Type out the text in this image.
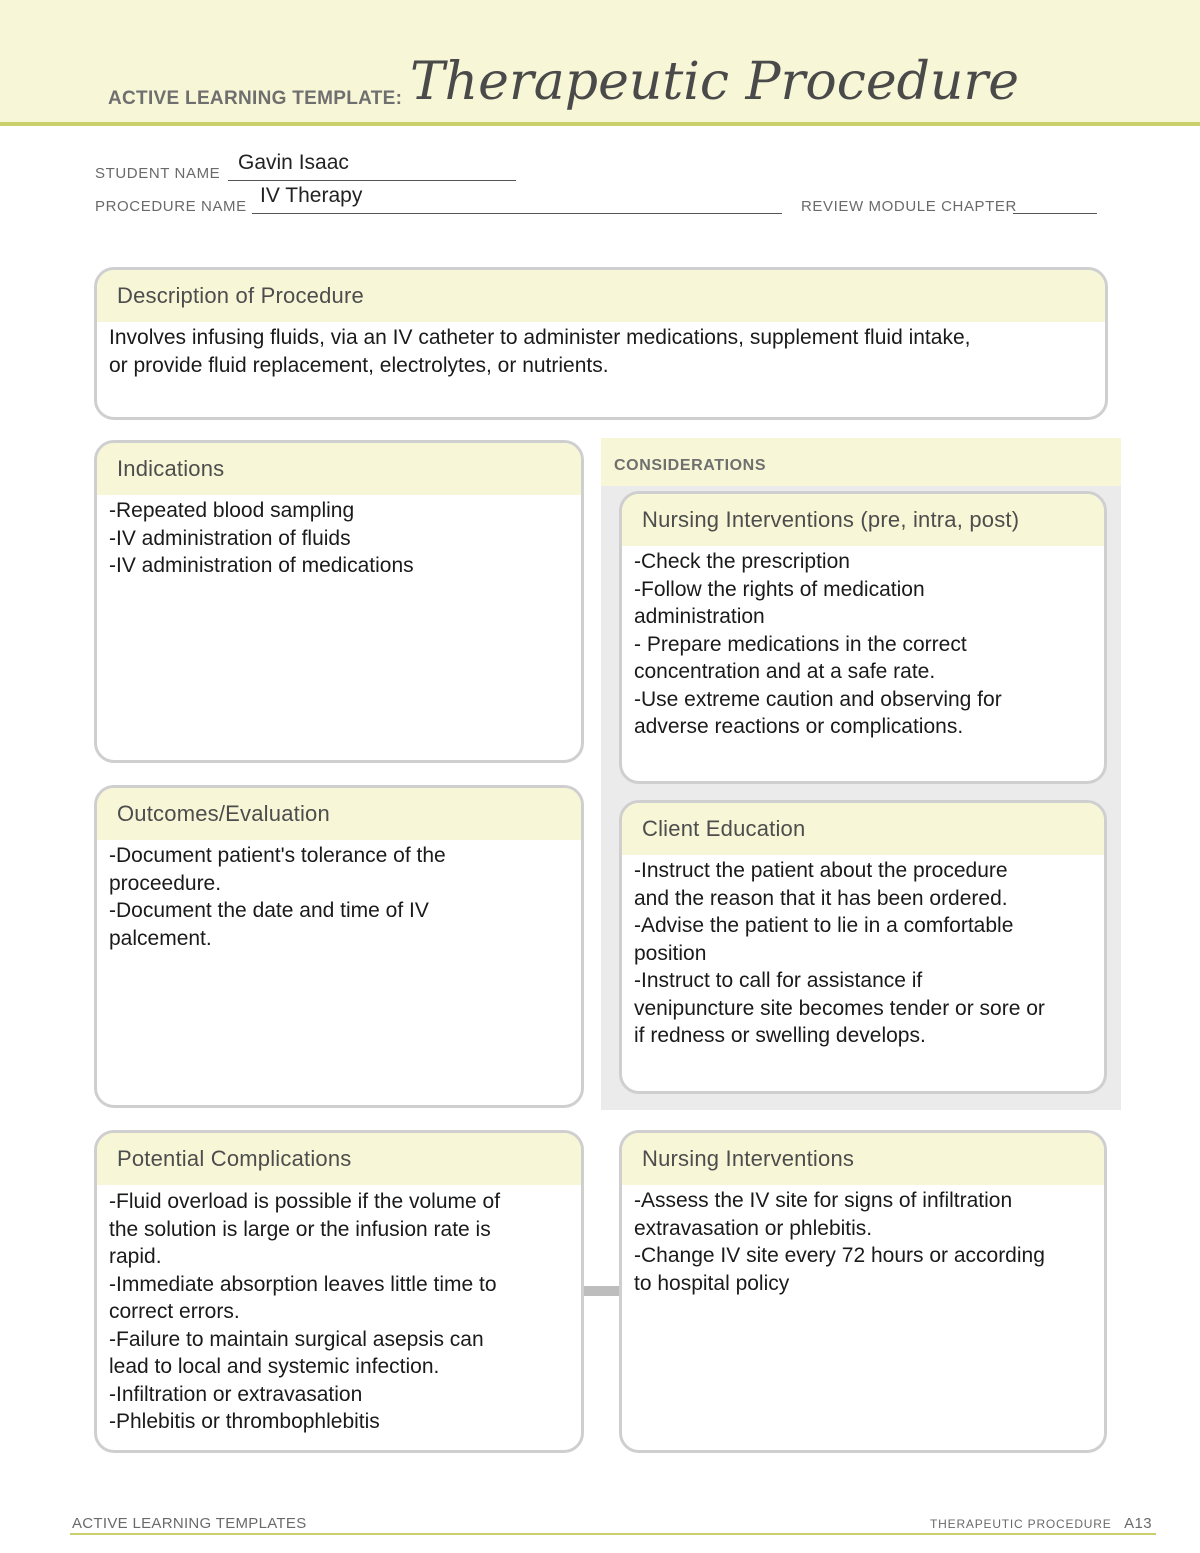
ACTIVE LEARNING TEMPLATE: Therapeutic Procedure
STUDENT NAME Gavin Isaac
PROCEDURE NAME IV Therapy	REVIEW MODULE CHAPTER
Description of Procedure
Involves infusing fluids, via an IV catheter to administer medications, supplement fluid intake,
or provide fluid replacement, electrolytes, or nutrients.
CONSIDERATIONS
Indications
-Repeated blood sampling
-IV administration of fluids
-IV administration of medications
Nursing Interventions (pre, intra, post)
-Check the prescription
-Follow the rights of medication
administration
- Prepare medications in the correct
concentration and at a safe rate.
-Use extreme caution and observing for
adverse reactions or complications.
Outcomes/Evaluation
-Document patient's tolerance of the
proceedure.
-Document the date and time of IV
palcement.
Client Education
-Instruct the patient about the procedure
and the reason that it has been ordered.
-Advise the patient to lie in a comfortable
position
-Instruct to call for assistance if
venipuncture site becomes tender or sore or
if redness or swelling develops.
Potential Complications
-Fluid overload is possible if the volume of
the solution is large or the infusion rate is
rapid.
-Immediate absorption leaves little time to
correct errors.
-Failure to maintain surgical asepsis can
lead to local and systemic infection.
-Infiltration or extravasation
-Phlebitis or thrombophlebitis
Nursing Interventions
-Assess the IV site for signs of infiltration
extravasation or phlebitis.
-Change IV site every 72 hours or according
to hospital policy
ACTIVE LEARNING TEMPLATES	THERAPEUTIC PROCEDURE A13
